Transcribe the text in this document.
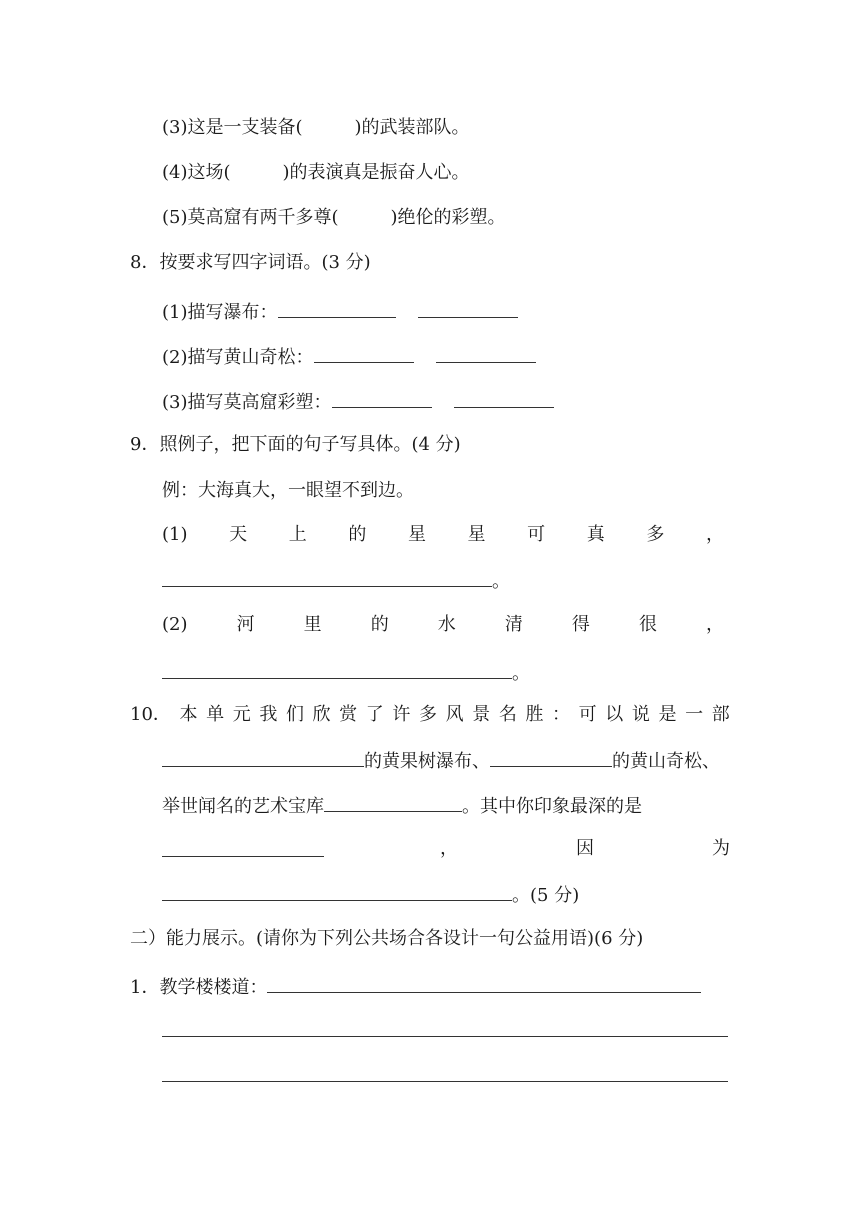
(3)这是一支装备(	)的武装部队。
(4)这场(	)的表演真是振奋人心。
(5)莫高窟有两千多尊(	)绝伦的彩塑。
8．按要求写四字词语。(3 分)
(1)描写瀑布：
(2)描写黄山奇松：
(3)描写莫高窟彩塑：
9．照例子，把下面的句子写具体。(4 分)
例：大海真大，一眼望不到边。
(1) 天 上 的 星 星 可 真 多 ，
。
(2)	河	里	的	水	清	得	很	，
。
10． 本 单 元 我 们 欣 赏 了 许 多 风 景 名 胜 ： 可 以 说 是 一 部
的黄果树瀑布、	的黄山奇松、
举世闻名的艺术宝库	。其中你印象最深的是
，	因	为
。(5 分)
二）能力展示。(请你为下列公共场合各设计一句公益用语)(6 分)
1．教学楼楼道：
